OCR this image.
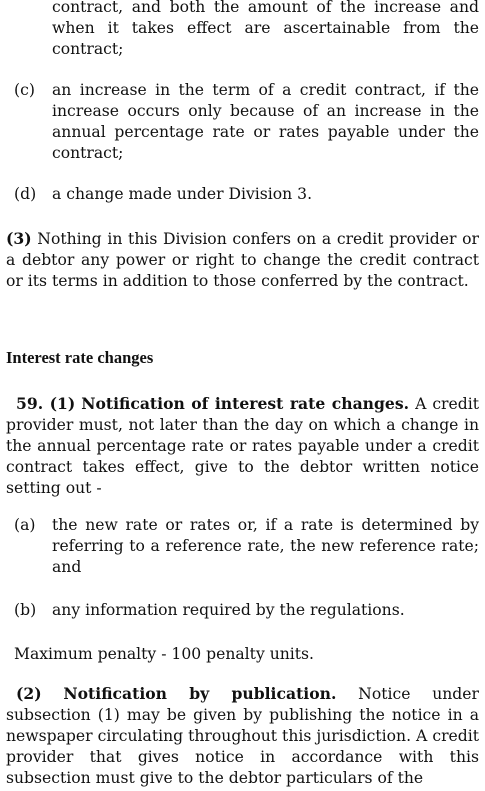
contract, and both the amount of the increase and when it takes effect are ascertainable from the contract;

(c) an increase in the term of a credit contract, if the increase occurs only because of an increase in the annual percentage rate or rates payable under the contract;
(d) a change made under Division 3.

(3) Nothing in this Division confers on a credit provider or a debtor any power or right to change the credit contract or its terms in addition to those conferred by the contract.

Interest rate changes

59. (1) Notification of interest rate changes. A credit provider must, not later than the day on which a change in the annual percentage rate or rates payable under a credit contract takes effect, give to the debtor written notice setting out -

(a) the new rate or rates or, if a rate is determined by referring to a reference rate, the new reference rate; and
(b) any information required by the regulations.

Maximum penalty - 100 penalty units.

(2) Notification by publication. Notice under subsection (1) may be given by publishing the notice in a newspaper circulating throughout this jurisdiction. A credit provider that gives notice in accordance with this subsection must give to the debtor particulars of the
